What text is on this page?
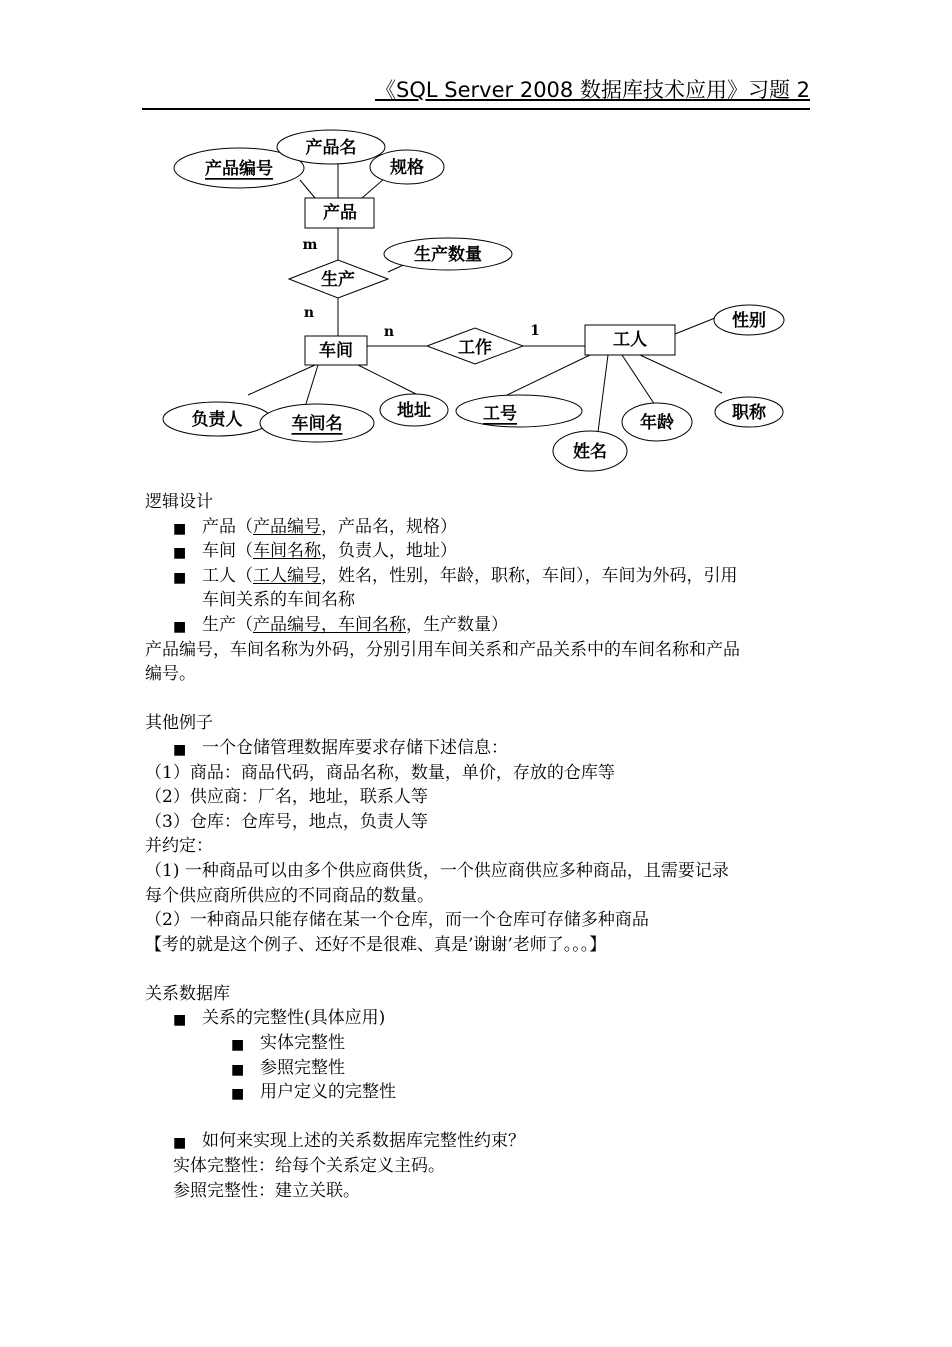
《SQL Server 2008 数据库技术应用》习题 2
产品编号
产品名
规格
产品
生产数量
生产
车间	工作	工人
性别
负责人	车间名
地址	工号
姓名
年龄	职称
m
n
n	1
逻辑设计
■ 产品（产品编号，产品名，规格）
■ 车间（车间名称，负责人，地址）
■ 工人（工人编号，姓名，性别，年龄，职称，车间），车间为外码，引用
车间关系的车间名称
■ 生产（产品编号，车间名称，生产数量）
产品编号，车间名称为外码，分别引用车间关系和产品关系中的车间名称和产品
编号。
其他例子
■ 一个仓储管理数据库要求存储下述信息：
（1）商品：商品代码，商品名称，数量，单价，存放的仓库等
（2）供应商：厂名，地址，联系人等
（3）仓库：仓库号，地点，负责人等
并约定：
（1) 一种商品可以由多个供应商供货，一个供应商供应多种商品，且需要记录
每个供应商所供应的不同商品的数量。
（2）一种商品只能存储在某一个仓库，而一个仓库可存储多种商品
【考的就是这个例子、还好不是很难、真是’谢谢’老师了。。。】
关系数据库
■ 关系的完整性(具体应用)
■ 实体完整性
■ 参照完整性
■ 用户定义的完整性
■ 如何来实现上述的关系数据库完整性约束？
实体完整性：给每个关系定义主码。
参照完整性：建立关联。
